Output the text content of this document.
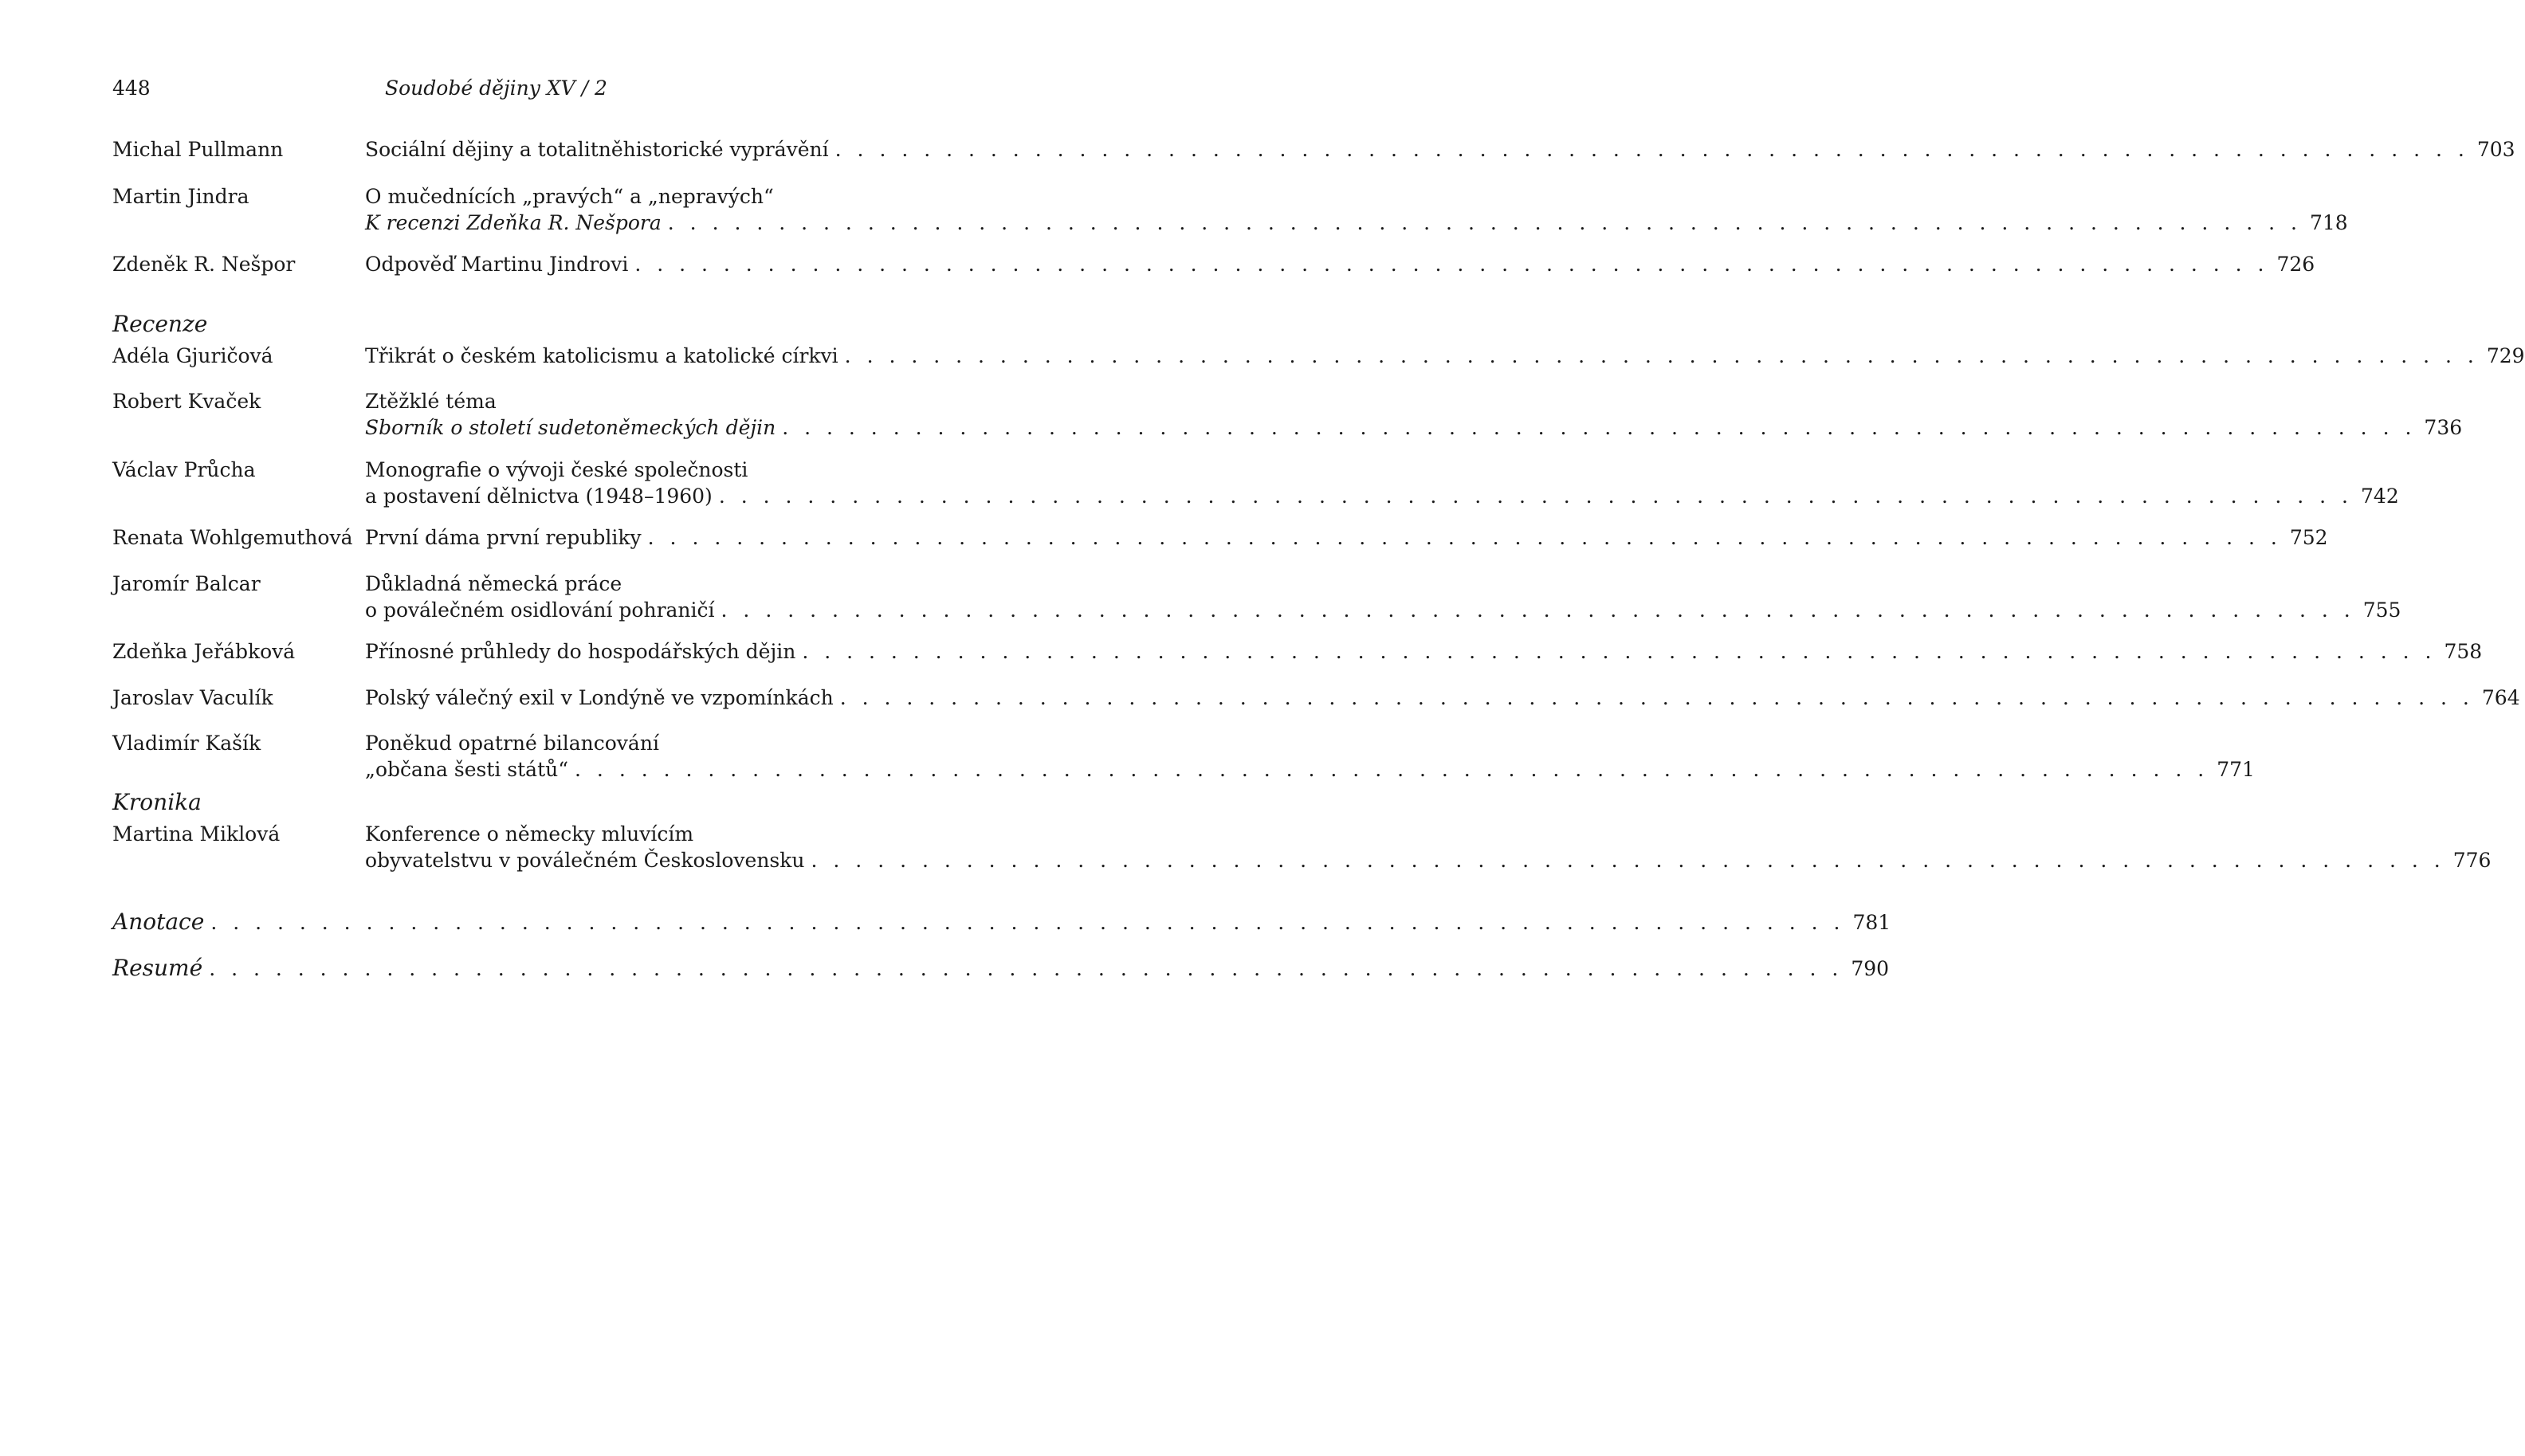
448	Soudobé dějiny XV / 2
Michal Pullmann	Sociální dějiny a totalitněhistorické vyprávění . . . . . . . . . . . . . . . . . . . . . . . . . . . . . . . . . . . . . . . . . . . . . . . . . . . . . . . . . . . . . . . . . . . . . . . . . . 703
Martin Jindra	O mučednících „pravých“ a „nepravých“
K recenzi Zdeňka R. Nešpora . . . . . . . . . . . . . . . . . . . . . . . . . . . . . . . . . . . . . . . . . . . . . . . . . . . . . . . . . . . . . . . . . . . . . . . . . . 718
Zdeněk R. Nešpor	Odpověď Martinu Jindrovi . . . . . . . . . . . . . . . . . . . . . . . . . . . . . . . . . . . . . . . . . . . . . . . . . . . . . . . . . . . . . . . . . . . . . . . . . . 726
Recenze
Adéla Gjuričová	Třikrát o českém katolicismu a katolické církvi . . . . . . . . . . . . . . . . . . . . . . . . . . . . . . . . . . . . . . . . . . . . . . . . . . . . . . . . . . . . . . . . . . . . . . . . . . 729
Robert Kvaček	Ztěžklé téma
Sborník o století sudetoněmeckých dějin . . . . . . . . . . . . . . . . . . . . . . . . . . . . . . . . . . . . . . . . . . . . . . . . . . . . . . . . . . . . . . . . . . . . . . . . . . 736
Václav Průcha	Monografie o vývoji české společnosti
a postavení dělnictva (1948–1960) . . . . . . . . . . . . . . . . . . . . . . . . . . . . . . . . . . . . . . . . . . . . . . . . . . . . . . . . . . . . . . . . . . . . . . . . . . 742
Renata Wohlgemuthová První dáma první republiky . . . . . . . . . . . . . . . . . . . . . . . . . . . . . . . . . . . . . . . . . . . . . . . . . . . . . . . . . . . . . . . . . . . . . . . . . . 752
Jaromír Balcar	Důkladná německá práce
o poválečném osidlování pohraničí . . . . . . . . . . . . . . . . . . . . . . . . . . . . . . . . . . . . . . . . . . . . . . . . . . . . . . . . . . . . . . . . . . . . . . . . . . 755
Zdeňka Jeřábková	Přínosné průhledy do hospodářských dějin . . . . . . . . . . . . . . . . . . . . . . . . . . . . . . . . . . . . . . . . . . . . . . . . . . . . . . . . . . . . . . . . . . . . . . . . . . 758
Jaroslav Vaculík	Polský válečný exil v Londýně ve vzpomínkách . . . . . . . . . . . . . . . . . . . . . . . . . . . . . . . . . . . . . . . . . . . . . . . . . . . . . . . . . . . . . . . . . . . . . . . . . . 764
Vladimír Kašík	Poněkud opatrné bilancování
„občana šesti států“ . . . . . . . . . . . . . . . . . . . . . . . . . . . . . . . . . . . . . . . . . . . . . . . . . . . . . . . . . . . . . . . . . . . . . . . . . . 771
Kronika
Martina Miklová	Konference o německy mluvícím
obyvatelstvu v poválečném Československu . . . . . . . . . . . . . . . . . . . . . . . . . . . . . . . . . . . . . . . . . . . . . . . . . . . . . . . . . . . . . . . . . . . . . . . . . . 776
Anotace . . . . . . . . . . . . . . . . . . . . . . . . . . . . . . . . . . . . . . . . . . . . . . . . . . . . . . . . . . . . . . . . . . . . . . . . . . 781
Resumé . . . . . . . . . . . . . . . . . . . . . . . . . . . . . . . . . . . . . . . . . . . . . . . . . . . . . . . . . . . . . . . . . . . . . . . . . . 790
